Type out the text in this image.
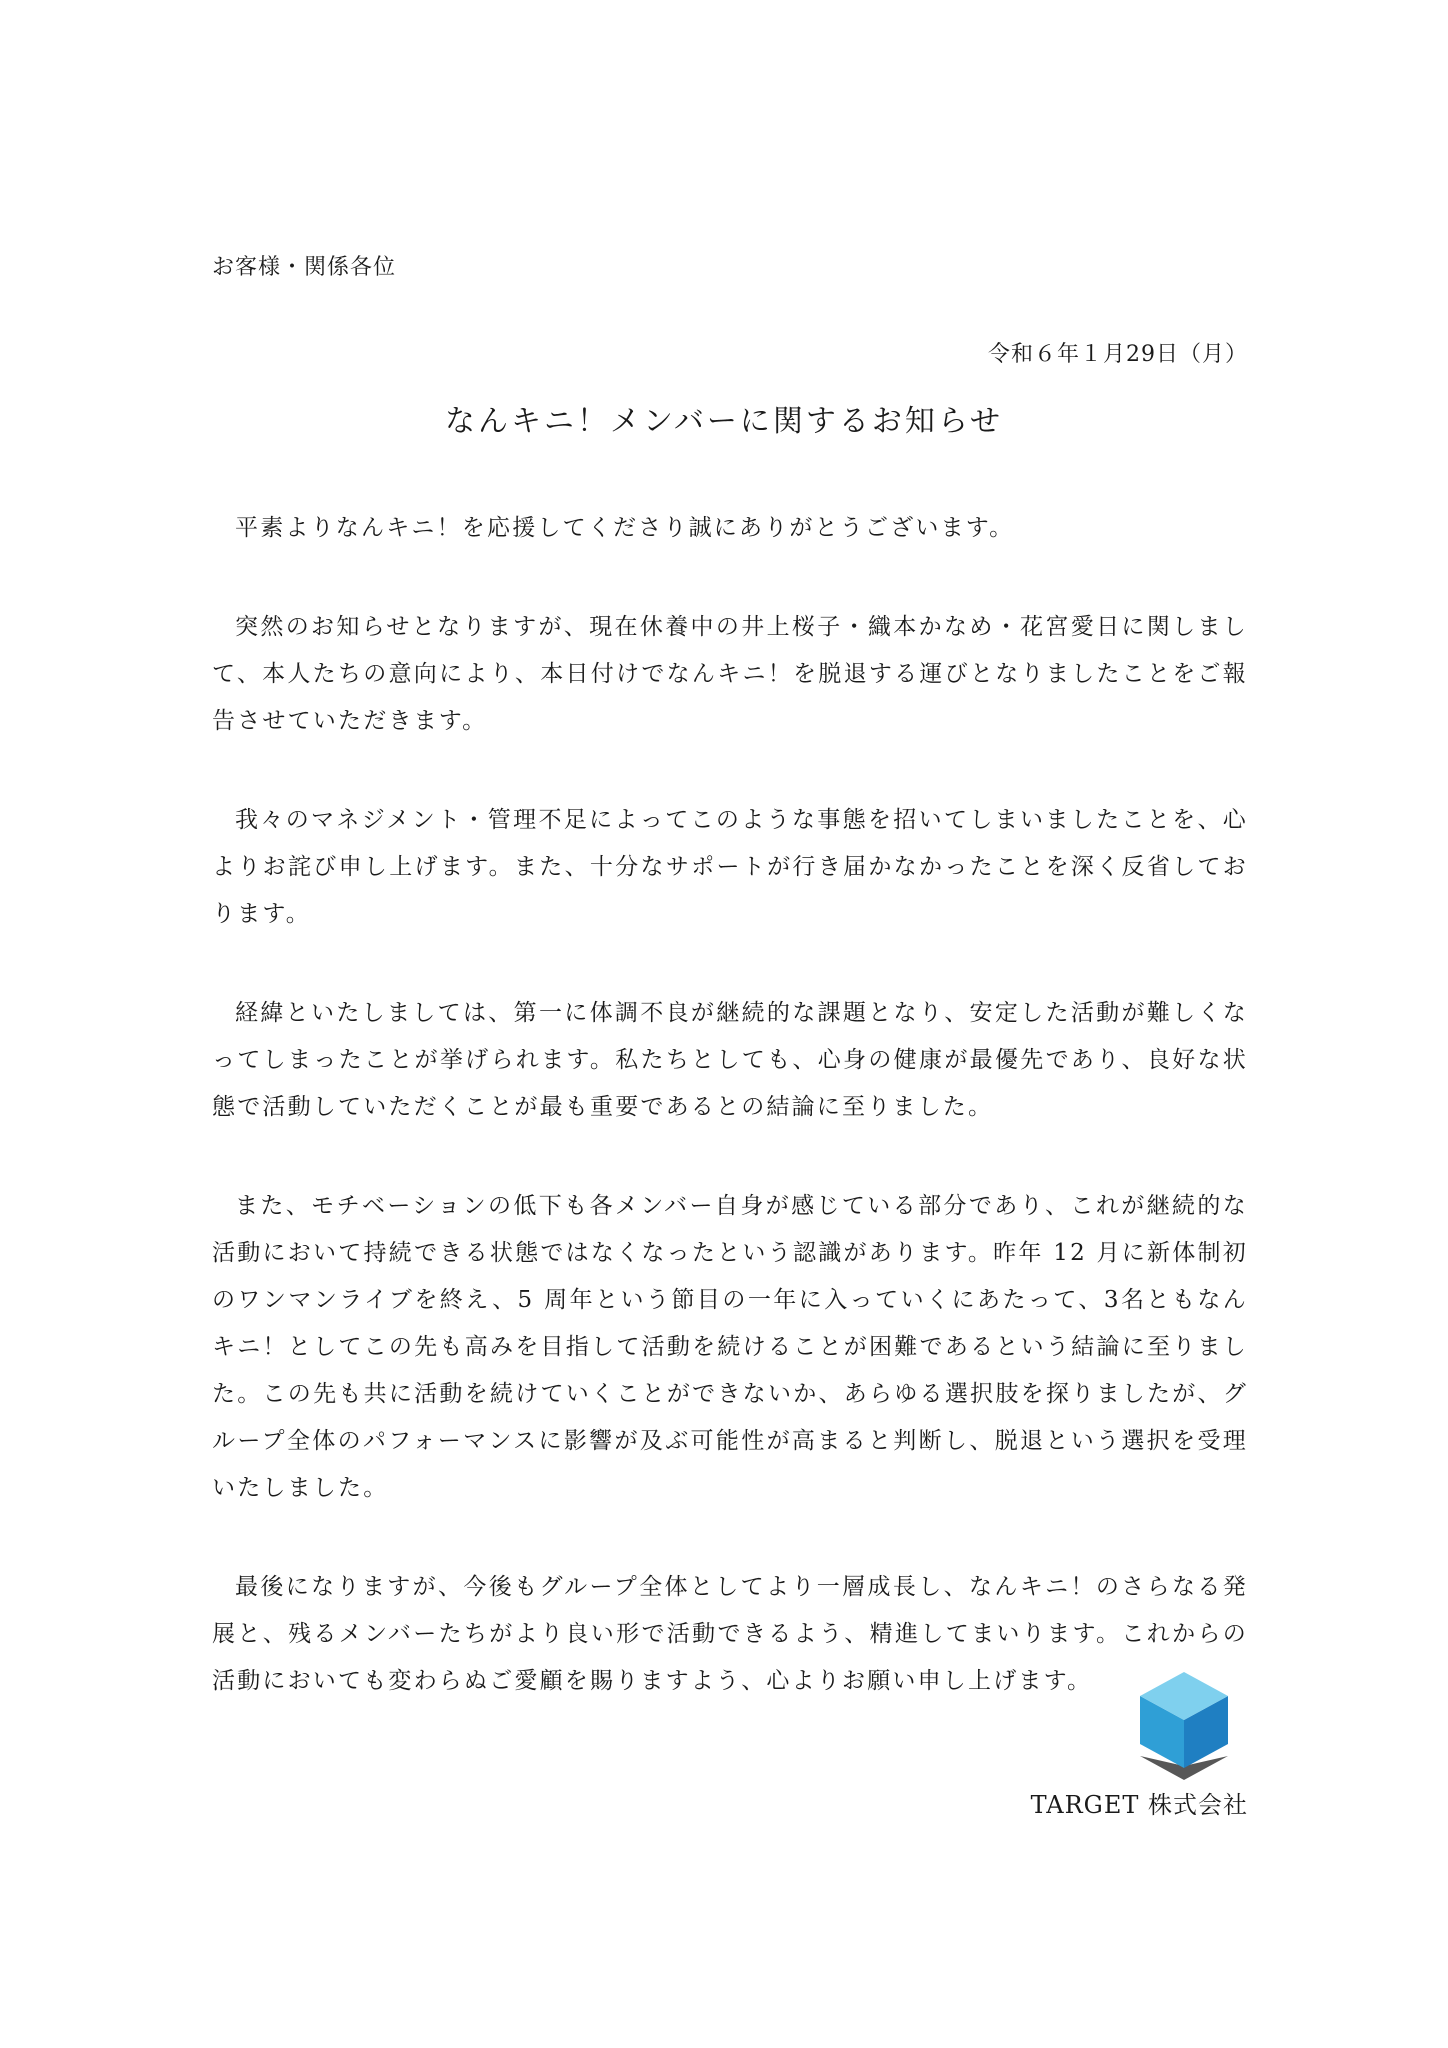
お客様・関係各位
令和６年１月29日（月）
なんキニ！メンバーに関するお知らせ

平素よりなんキニ！を応援してくださり誠にありがとうございます。

突然のお知らせとなりますが、現在休養中の井上桜子・織本かなめ・花宮愛日に関しまして、本人たちの意向により、本日付けでなんキニ！を脱退する運びとなりましたことをご報告させていただきます。

我々のマネジメント・管理不足によってこのような事態を招いてしまいましたことを、心よりお詫び申し上げます。また、十分なサポートが行き届かなかったことを深く反省しております。

経緯といたしましては、第一に体調不良が継続的な課題となり、安定した活動が難しくなってしまったことが挙げられます。私たちとしても、心身の健康が最優先であり、良好な状態で活動していただくことが最も重要であるとの結論に至りました。

また、モチベーションの低下も各メンバー自身が感じている部分であり、これが継続的な活動において持続できる状態ではなくなったという認識があります。昨年 12 月に新体制初のワンマンライブを終え、5 周年という節目の一年に入っていくにあたって、3名ともなんキニ！としてこの先も高みを目指して活動を続けることが困難であるという結論に至りました。この先も共に活動を続けていくことができないか、あらゆる選択肢を探りましたが、グループ全体のパフォーマンスに影響が及ぶ可能性が高まると判断し、脱退という選択を受理いたしました。

最後になりますが、今後もグループ全体としてより一層成長し、なんキニ！のさらなる発展と、残るメンバーたちがより良い形で活動できるよう、精進してまいります。これからの活動においても変わらぬご愛顧を賜りますよう、心よりお願い申し上げます。

TARGET 株式会社
